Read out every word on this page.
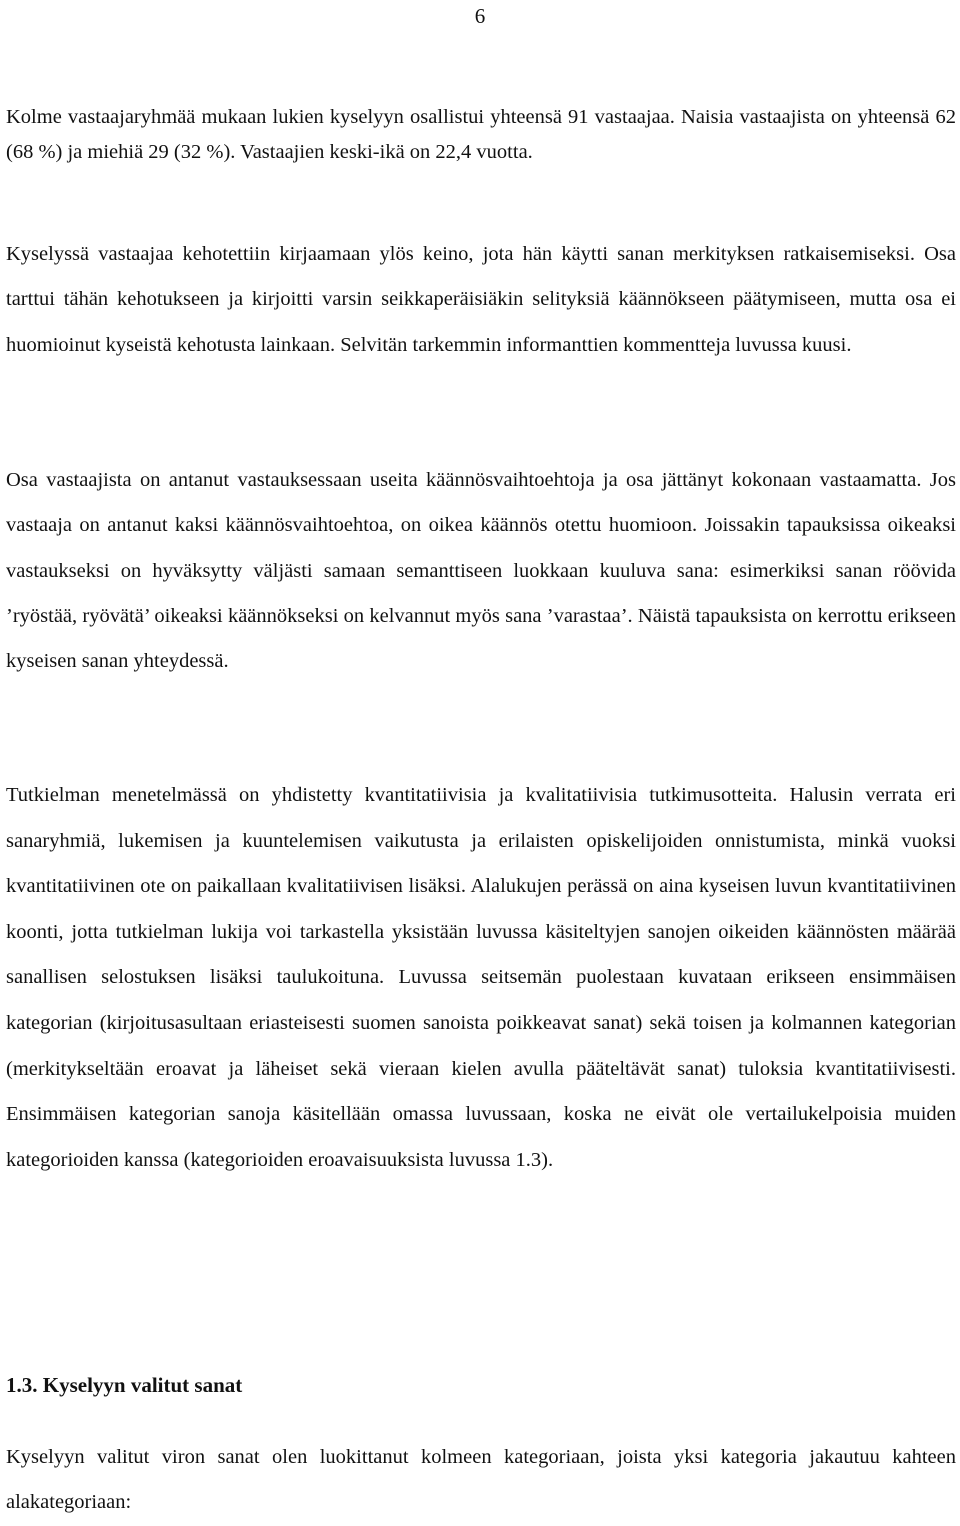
6

Kolme vastaajaryhmää mukaan lukien kyselyyn osallistui yhteensä 91 vastaajaa. Naisia vastaajista on yhteensä 62 (68 %) ja miehiä 29 (32 %). Vastaajien keski-ikä on 22,4 vuotta.

Kyselyssä vastaajaa kehotettiin kirjaamaan ylös keino, jota hän käytti sanan merkityksen ratkaisemiseksi. Osa tarttui tähän kehotukseen ja kirjoitti varsin seikkaperäisiäkin selityksiä käännökseen päätymiseen, mutta osa ei huomioinut kyseistä kehotusta lainkaan. Selvitän tarkemmin informanttien kommentteja luvussa kuusi.

Osa vastaajista on antanut vastauksessaan useita käännösvaihtoehtoja ja osa jättänyt kokonaan vastaamatta. Jos vastaaja on antanut kaksi käännösvaihtoehtoa, on oikea käännös otettu huomioon. Joissakin tapauksissa oikeaksi vastaukseksi on hyväksytty väljästi samaan semanttiseen luokkaan kuuluva sana: esimerkiksi sanan röövida ’ryöstää, ryövätä’ oikeaksi käännökseksi on kelvannut myös sana ’varastaa’. Näistä tapauksista on kerrottu erikseen kyseisen sanan yhteydessä.

Tutkielman menetelmässä on yhdistetty kvantitatiivisia ja kvalitatiivisia tutkimusotteita. Halusin verrata eri sanaryhmiä, lukemisen ja kuuntelemisen vaikutusta ja erilaisten opiskelijoiden onnistumista, minkä vuoksi kvantitatiivinen ote on paikallaan kvalitatiivisen lisäksi. Alalukujen perässä on aina kyseisen luvun kvantitatiivinen koonti, jotta tutkielman lukija voi tarkastella yksistään luvussa käsiteltyjen sanojen oikeiden käännösten määrää sanallisen selostuksen lisäksi taulukoituna. Luvussa seitsemän puolestaan kuvataan erikseen ensimmäisen kategorian (kirjoitusasultaan eriasteisesti suomen sanoista poikkeavat sanat) sekä toisen ja kolmannen kategorian (merkitykseltään eroavat ja läheiset sekä vieraan kielen avulla pääteltävät sanat) tuloksia kvantitatiivisesti. Ensimmäisen kategorian sanoja käsitellään omassa luvussaan, koska ne eivät ole vertailukelpoisia muiden kategorioiden kanssa (kategorioiden eroavaisuuksista luvussa 1.3).

1.3. Kyselyyn valitut sanat

Kyselyyn valitut viron sanat olen luokittanut kolmeen kategoriaan, joista yksi kategoria jakautuu kahteen alakategoriaan:
